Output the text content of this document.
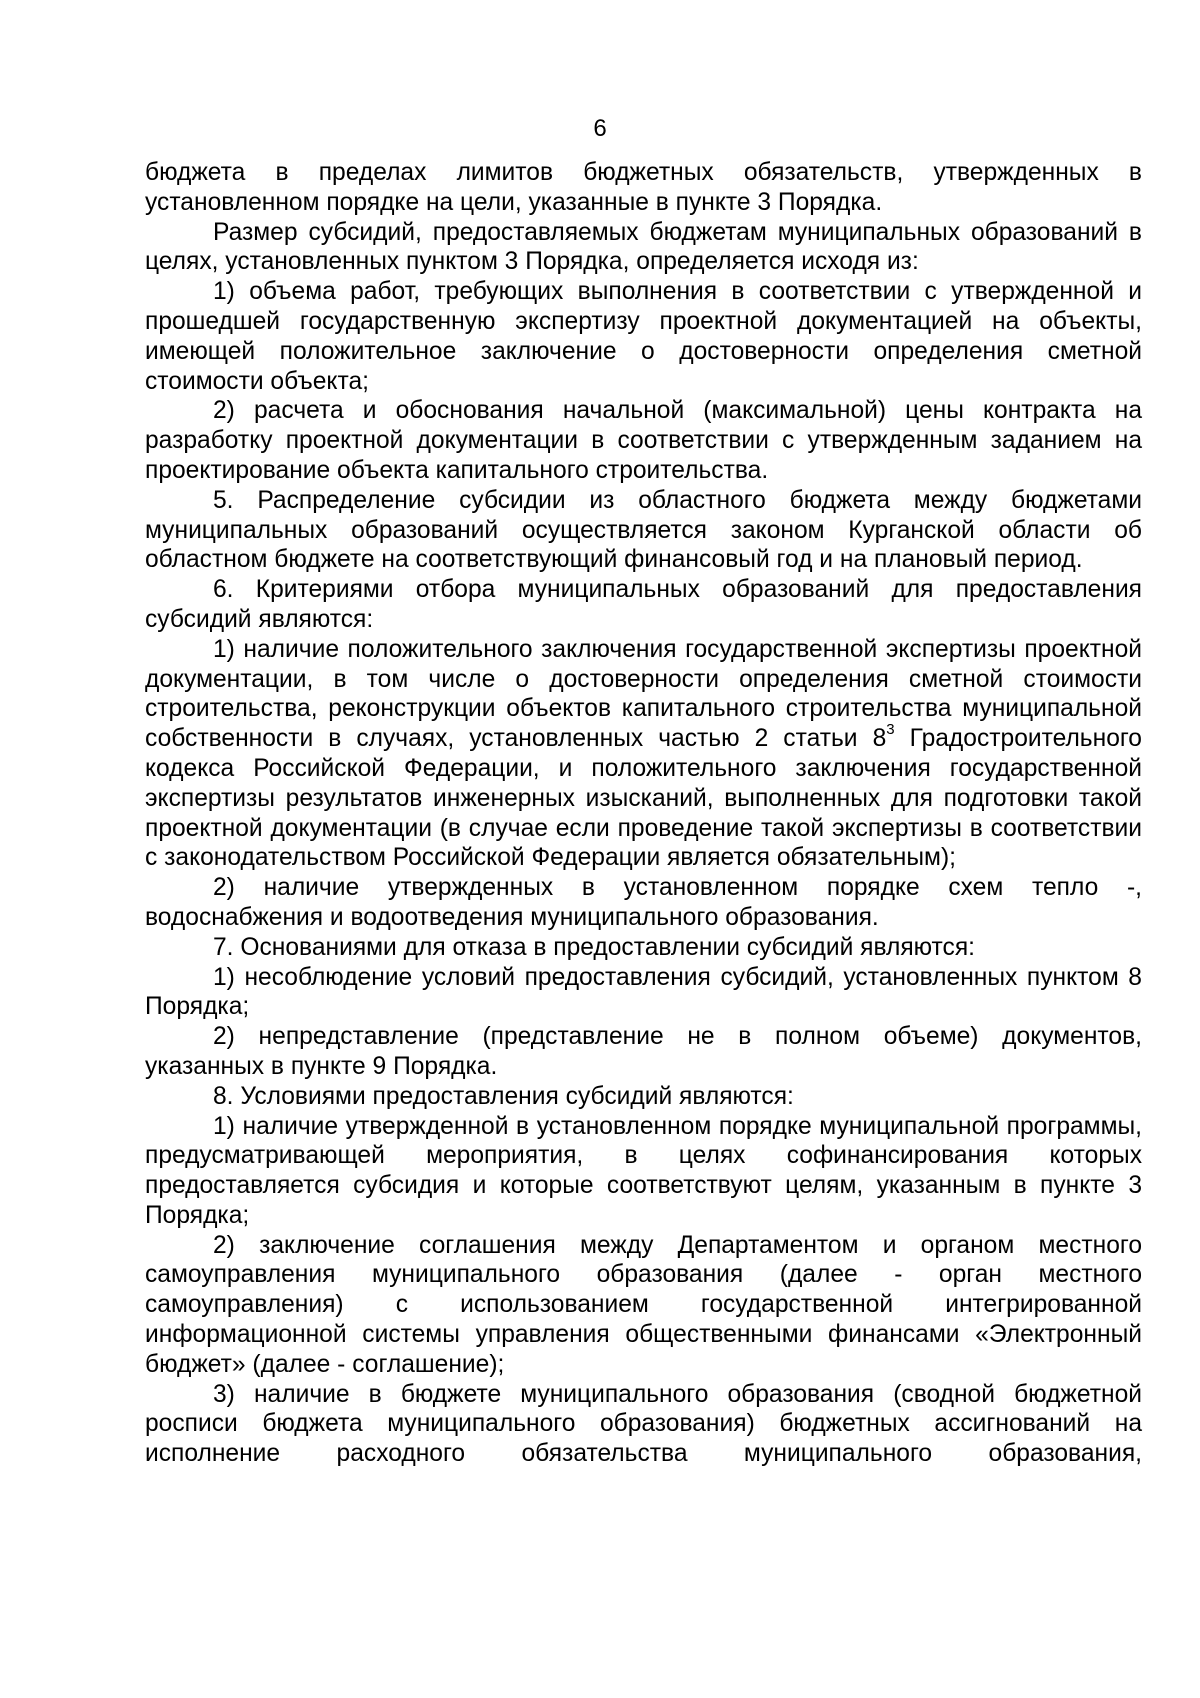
6

бюджета в пределах лимитов бюджетных обязательств, утвержденных в установленном порядке на цели, указанные в пункте 3 Порядка.

Размер субсидий, предоставляемых бюджетам муниципальных образований в целях, установленных пунктом 3 Порядка, определяется исходя из:

1) объема работ, требующих выполнения в соответствии с утвержденной и прошедшей государственную экспертизу проектной документацией на объекты, имеющей положительное заключение о достоверности определения сметной стоимости объекта;

2) расчета и обоснования начальной (максимальной) цены контракта на разработку проектной документации в соответствии с утвержденным заданием на проектирование объекта капитального строительства.

5. Распределение субсидии из областного бюджета между бюджетами муниципальных образований осуществляется законом Курганской области об областном бюджете на соответствующий финансовый год и на плановый период.

6. Критериями отбора муниципальных образований для предоставления субсидий являются:

1) наличие положительного заключения государственной экспертизы проектной документации, в том числе о достоверности определения сметной стоимости строительства, реконструкции объектов капитального строительства муниципальной собственности в случаях, установленных частью 2 статьи $8^3$ Градостроительного кодекса Российской Федерации, и положительного заключения государственной экспертизы результатов инженерных изысканий, выполненных для подготовки такой проектной документации (в случае если проведение такой экспертизы в соответствии с законодательством Российской Федерации является обязательным);

2) наличие утвержденных в установленном порядке схем тепло -, водоснабжения и водоотведения муниципального образования.

7. Основаниями для отказа в предоставлении субсидий являются:

1) несоблюдение условий предоставления субсидий, установленных пунктом 8 Порядка;

2) непредставление (представление не в полном объеме) документов, указанных в пункте 9 Порядка.

8. Условиями предоставления субсидий являются:

1) наличие утвержденной в установленном порядке муниципальной программы, предусматривающей мероприятия, в целях софинансирования которых предоставляется субсидия и которые соответствуют целям, указанным в пункте 3 Порядка;

2) заключение соглашения между Департаментом и органом местного самоуправления муниципального образования (далее - орган местного самоуправления) с использованием государственной интегрированной информационной системы управления общественными финансами «Электронный бюджет» (далее - соглашение);

3) наличие в бюджете муниципального образования (сводной бюджетной росписи бюджета муниципального образования) бюджетных ассигнований на исполнение расходного обязательства муниципального образования,
